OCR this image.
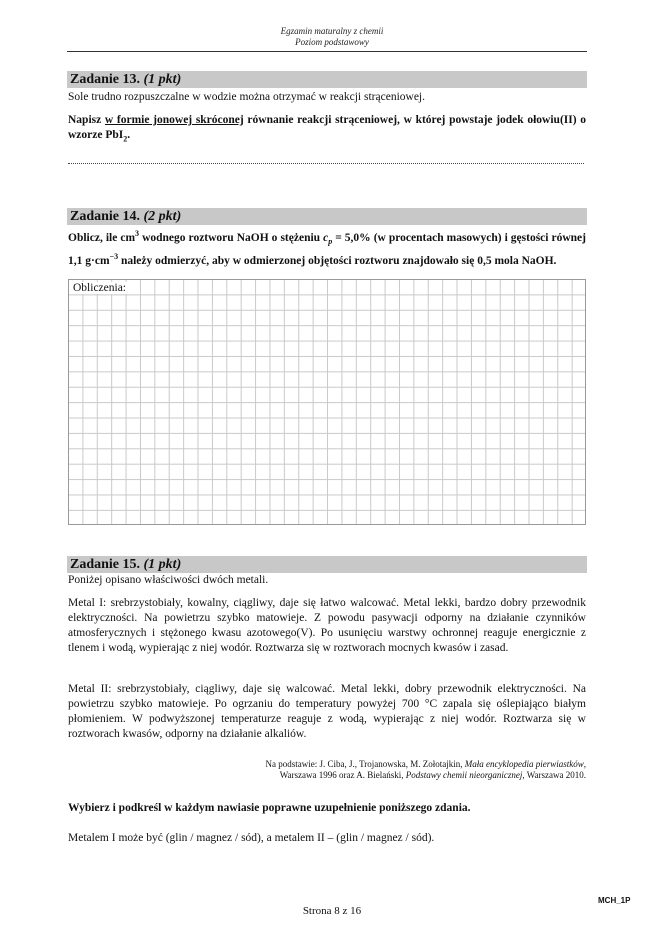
Egzamin maturalny z chemii
Poziom podstawowy
Zadanie 13. (1 pkt)
Sole trudno rozpuszczalne w wodzie można otrzymać w reakcji strąceniowej.
Napisz w formie jonowej skróconej równanie reakcji strąceniowej, w której powstaje jodek ołowiu(II) o wzorze PbI$_2$.
Zadanie 14. (2 pkt)
Oblicz, ile $cm^3$ wodnego roztworu NaOH o stężeniu $c_p = 5,0\%$ (w procentach masowych) i gęstości równej 1,1 $g\cdot cm^{-3}$ należy odmierzyć, aby w odmierzonej objętości roztworu znajdowało się 0,5 mola NaOH.
Obliczenia:
Zadanie 15. (1 pkt)
Poniżej opisano właściwości dwóch metali.
Metal I: srebrzystobiały, kowalny, ciągliwy, daje się łatwo walcować. Metal lekki, bardzo dobry przewodnik elektryczności. Na powietrzu szybko matowieje. Z powodu pasywacji odporny na działanie czynników atmosferycznych i stężonego kwasu azotowego(V). Po usunięciu warstwy ochronnej reaguje energicznie z tlenem i wodą, wypierając z niej wodór. Roztwarza się w roztworach mocnych kwasów i zasad.
Metal II: srebrzystobiały, ciągliwy, daje się walcować. Metal lekki, dobry przewodnik elektryczności. Na powietrzu szybko matowieje. Po ogrzaniu do temperatury powyżej 700 °C zapala się oślepiająco białym płomieniem. W podwyższonej temperaturze reaguje z wodą, wypierając z niej wodór. Roztwarza się w roztworach kwasów, odporny na działanie alkaliów.
Na podstawie: J. Ciba, J., Trojanowska, M. Zołotajkin, Mała encyklopedia pierwiastków,
Warszawa 1996 oraz A. Bielański, Podstawy chemii nieorganicznej, Warszawa 2010.
Wybierz i podkreśl w każdym nawiasie poprawne uzupełnienie poniższego zdania.
Metalem I może być (glin / magnez / sód), a metalem II – (glin / magnez / sód).
MCH_1P
Strona 8 z 16
